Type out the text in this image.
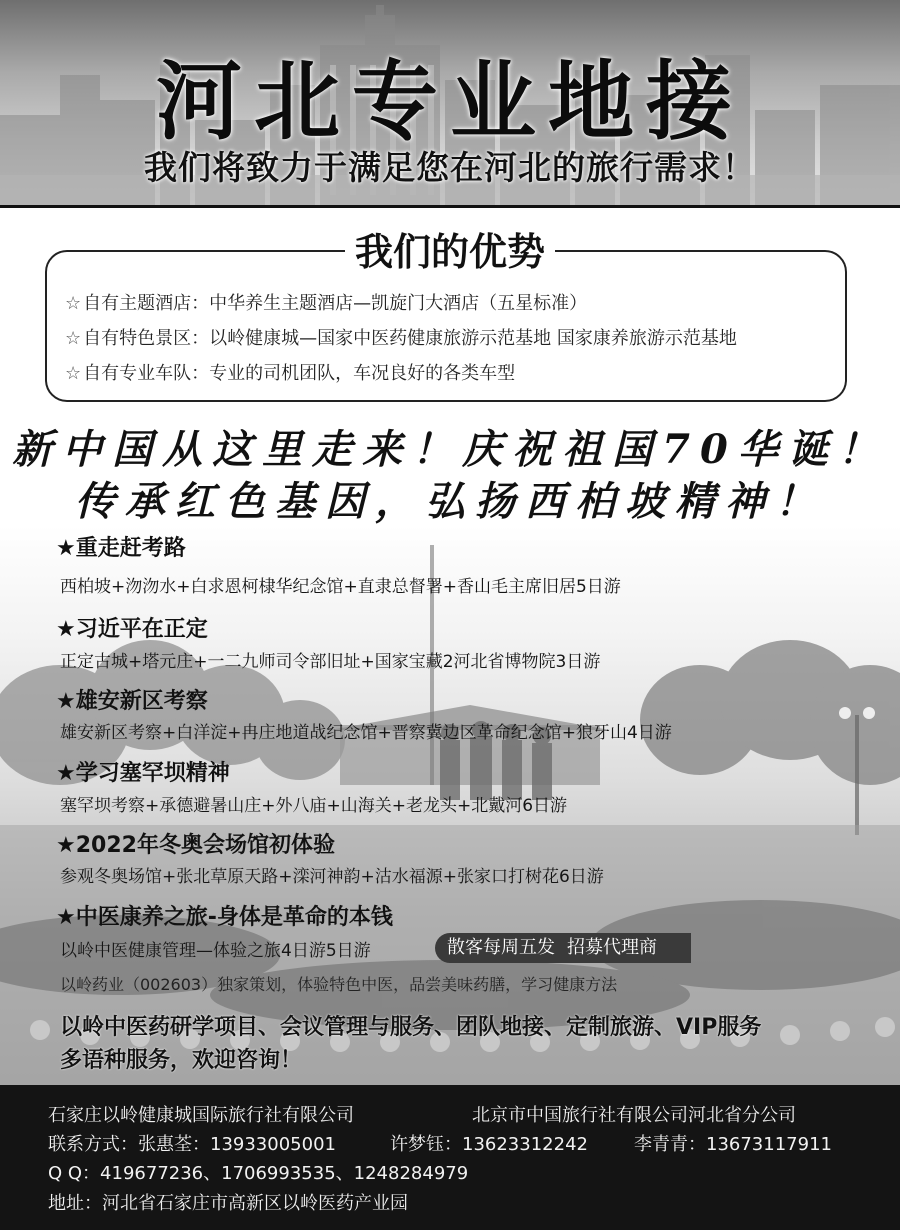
河北专业地接
我们将致力于满足您在河北的旅行需求！
我们的优势
☆ 自有主题酒店：中华养生主题酒店—凯旋门大酒店（五星标准）
☆ 自有特色景区：以岭健康城—国家中医药健康旅游示范基地 国家康养旅游示范基地
☆ 自有专业车队：专业的司机团队，车况良好的各类车型
新中国从这里走来！庆祝祖国70华诞！
传承红色基因，弘扬西柏坡精神！
★重走赶考路
西柏坡+沕沕水+白求恩柯棣华纪念馆+直隶总督署+香山毛主席旧居5日游
★习近平在正定
正定古城+塔元庄+一二九师司令部旧址+国家宝藏2河北省博物院3日游
★雄安新区考察
雄安新区考察+白洋淀+冉庄地道战纪念馆+晋察冀边区革命纪念馆+狼牙山4日游
★学习塞罕坝精神
塞罕坝考察+承德避暑山庄+外八庙+山海关+老龙头+北戴河6日游
★2022年冬奥会场馆初体验
参观冬奥场馆+张北草原天路+滦河神韵+沽水福源+张家口打树花6日游
★中医康养之旅-身体是革命的本钱
以岭中医健康管理—体验之旅4日游5日游	散客每周五发 招募代理商
以岭药业（002603）独家策划，体验特色中医，品尝美味药膳，学习健康方法
以岭中医药研学项目、会议管理与服务、团队地接、定制旅游、VIP服务
多语种服务，欢迎咨询！
石家庄以岭健康城国际旅行社有限公司	北京市中国旅行社有限公司河北省分公司
联系方式： 张惠荃：13933005001	许梦钰：13623312242	李青青：13673117911
Q Q：419677236、1706993535、1248284979
地址：河北省石家庄市高新区以岭医药产业园
